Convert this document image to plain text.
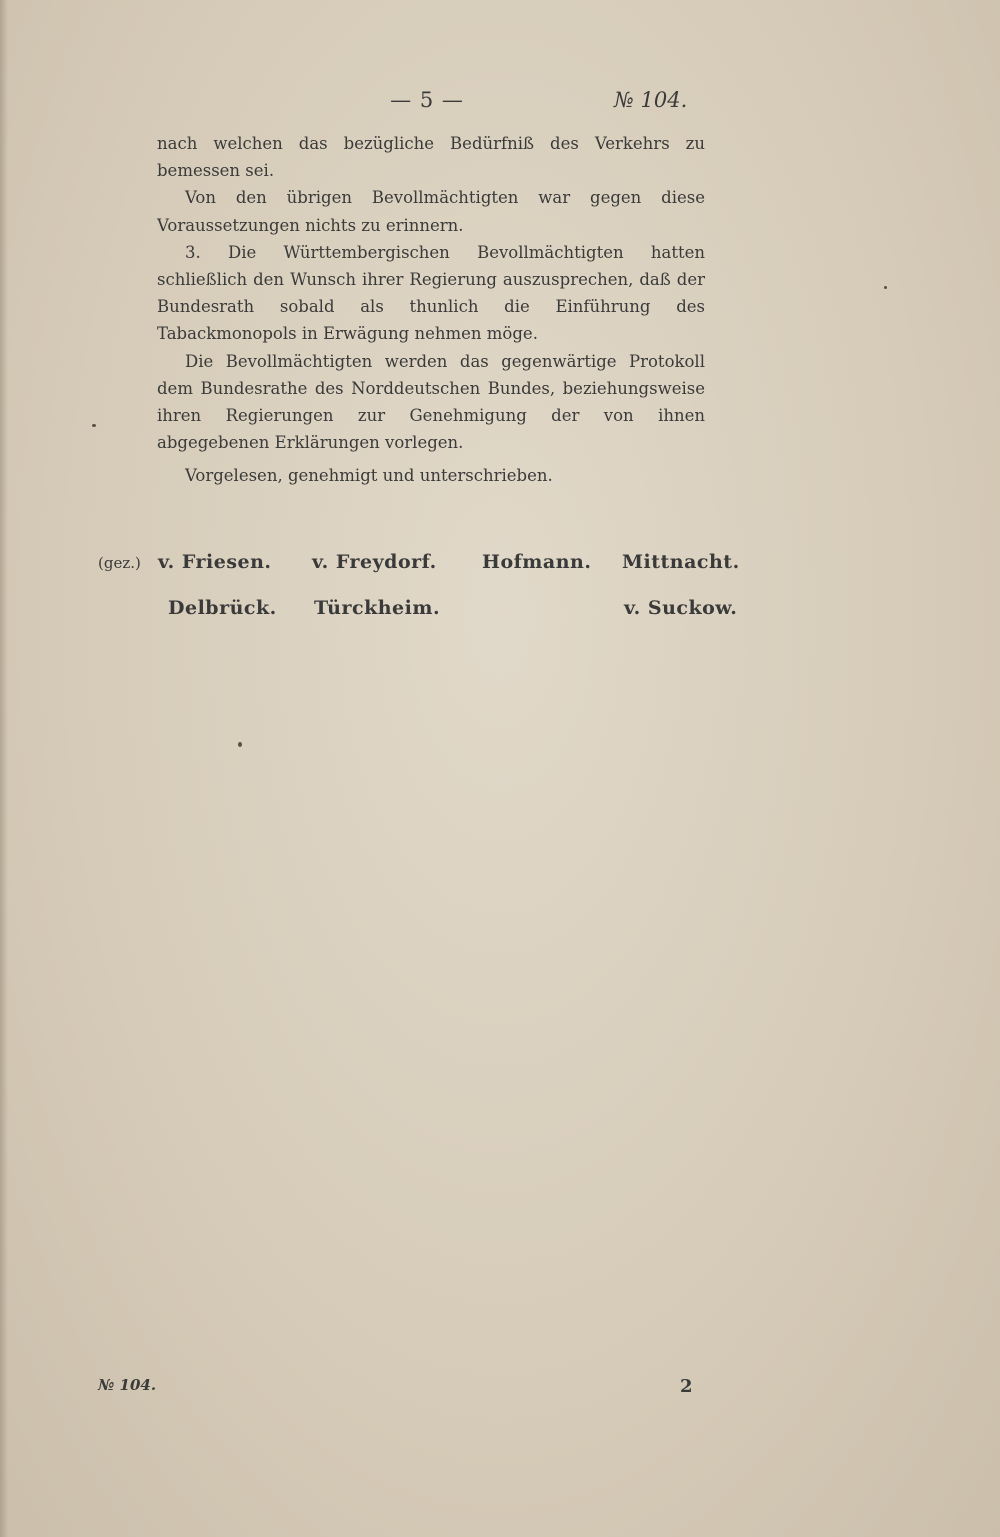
— 5 —	№ 104.

nach welchen das bezügliche Bedürfniß des Verkehrs zu bemessen sei.

Von den übrigen Bevollmächtigten war gegen diese Voraussetzungen nichts zu erinnern.

3. Die Württembergischen Bevollmächtigten hatten schließlich den Wunsch ihrer Regierung auszusprechen, daß der Bundesrath sobald als thunlich die Einführung des Tabackmonopols in Erwägung nehmen möge.

Die Bevollmächtigten werden das gegenwärtige Protokoll dem Bundesrathe des Norddeutschen Bundes, beziehungsweise ihren Regierungen zur Genehmigung der von ihnen abgegebenen Erklärungen vorlegen.

Vorgelesen, genehmigt und unterschrieben.

(gez.) v. Friesen. v. Freydorf. Hofmann. Mittnacht.
Delbrück. Türckheim.	v. Suckow.
№ 104.	2
